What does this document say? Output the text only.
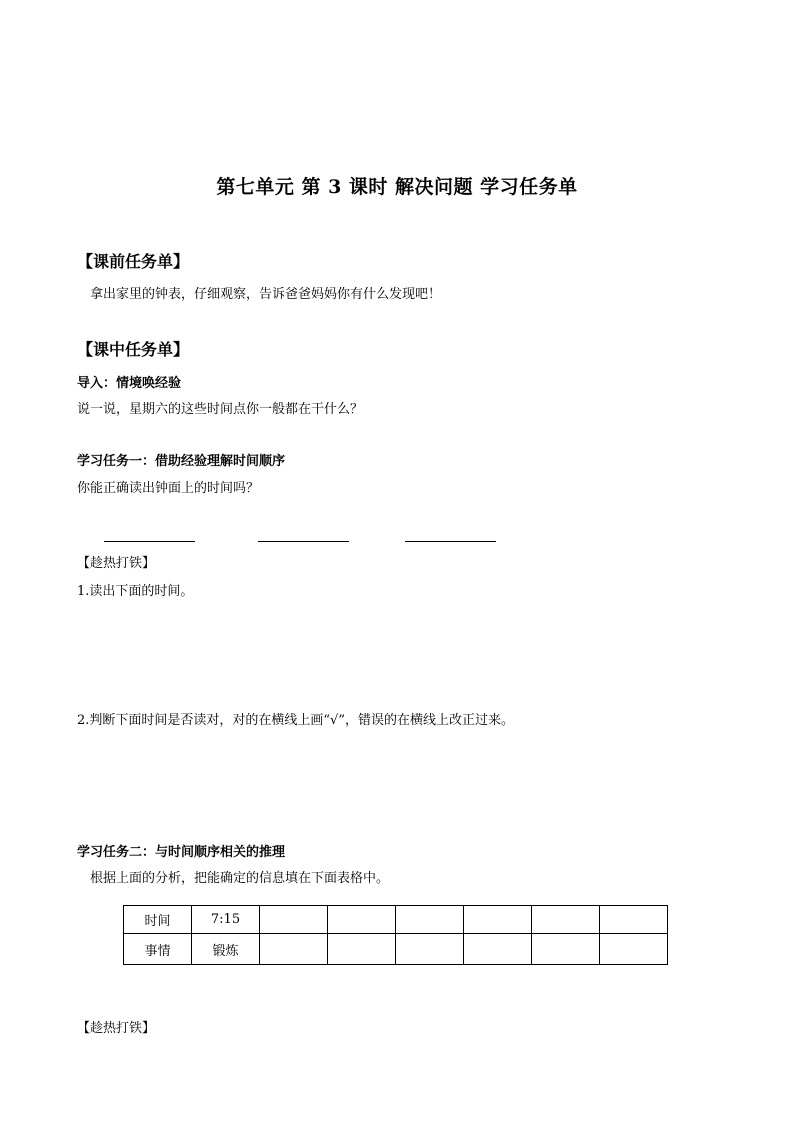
第七单元 第 3 课时 解决问题 学习任务单
【课前任务单】
拿出家里的钟表，仔细观察，告诉爸爸妈妈你有什么发现吧！
【课中任务单】
导入：情境唤经验
说一说，星期六的这些时间点你一般都在干什么？
学习任务一：借助经验理解时间顺序
你能正确读出钟面上的时间吗？
【趁热打铁】
1.读出下面的时间。
2.判断下面时间是否读对，对的在横线上画“√”，错误的在横线上改正过来。
学习任务二：与时间顺序相关的推理
根据上面的分析，把能确定的信息填在下面表格中。
时间	7:15						
事情	锻炼						
【趁热打铁】
